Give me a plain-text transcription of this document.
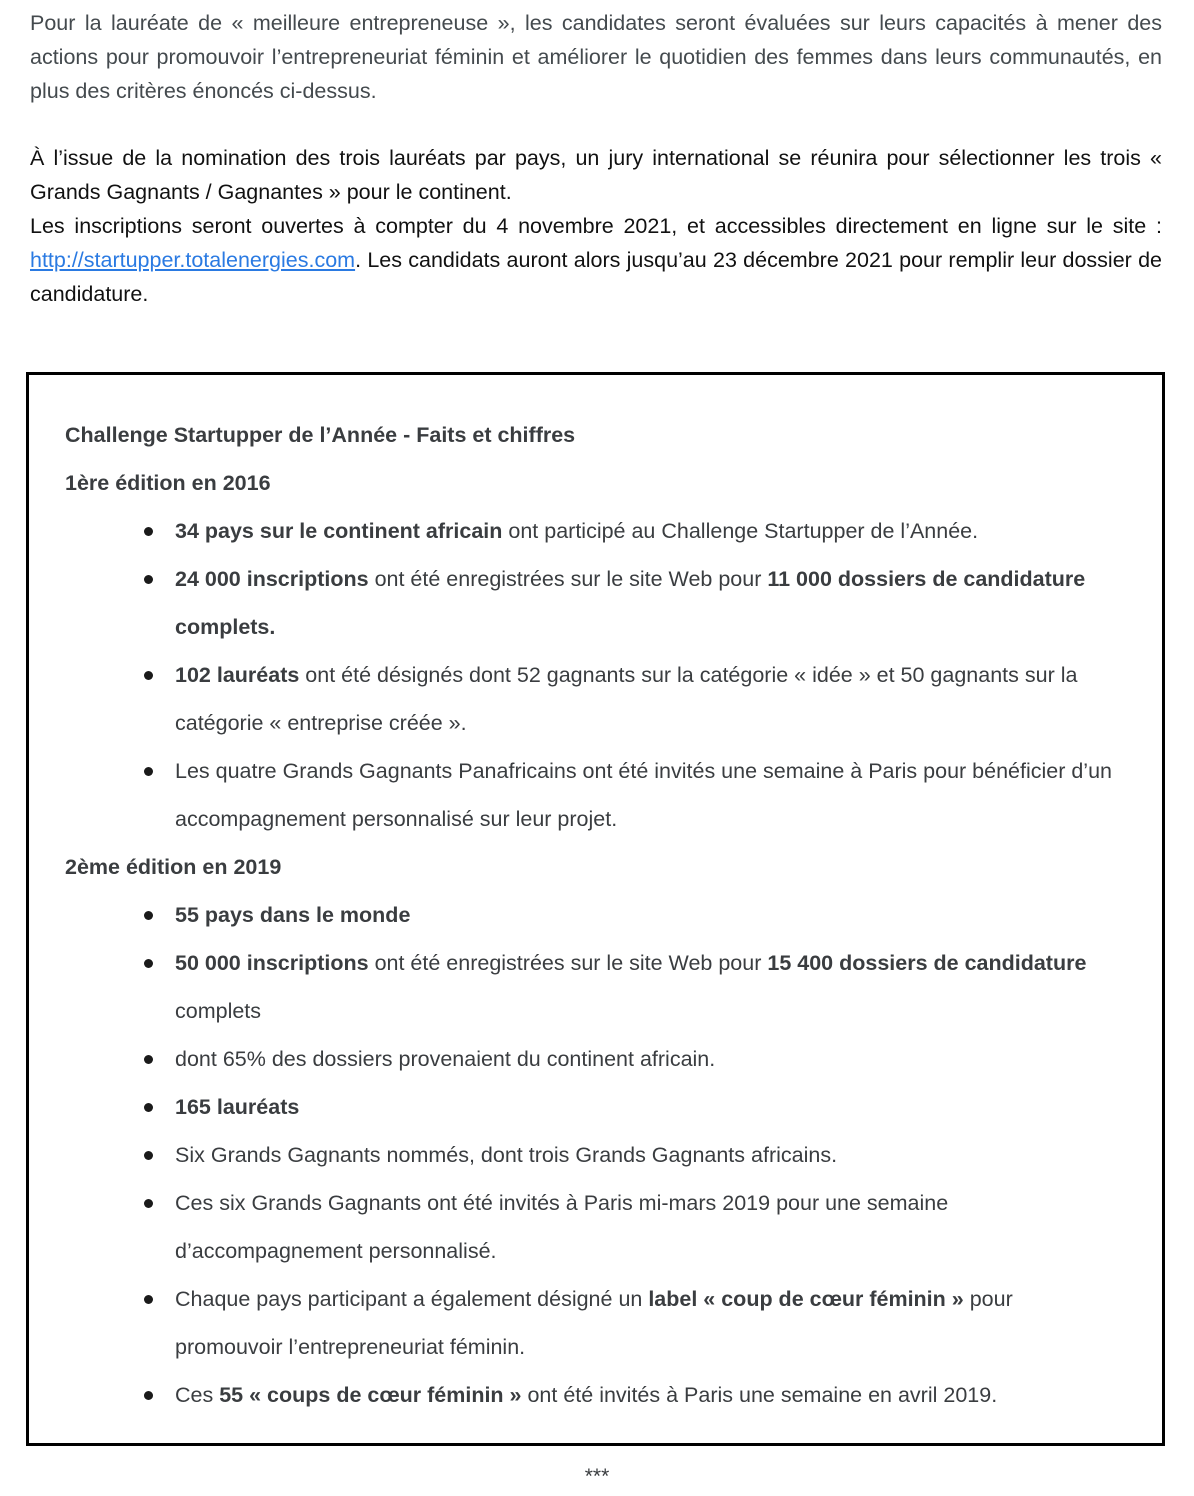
Pour la lauréate de « meilleure entrepreneuse », les candidates seront évaluées sur leurs capacités à mener des actions pour promouvoir l’entrepreneuriat féminin et améliorer le quotidien des femmes dans leurs communautés, en plus des critères énoncés ci-dessus.

À l’issue de la nomination des trois lauréats par pays, un jury international se réunira pour sélectionner les trois « Grands Gagnants / Gagnantes » pour le continent.

Les inscriptions seront ouvertes à compter du 4 novembre 2021, et accessibles directement en ligne sur le site : http://startupper.totalenergies.com. Les candidats auront alors jusqu’au 23 décembre 2021 pour remplir leur dossier de candidature.

Challenge Startupper de l’Année - Faits et chiffres

1ère édition en 2016

34 pays sur le continent africain ont participé au Challenge Startupper de l’Année.
24 000 inscriptions ont été enregistrées sur le site Web pour 11 000 dossiers de candidature complets.
102 lauréats ont été désignés dont 52 gagnants sur la catégorie « idée » et 50 gagnants sur la catégorie « entreprise créée ».
Les quatre Grands Gagnants Panafricains ont été invités une semaine à Paris pour bénéficier d’un accompagnement personnalisé sur leur projet.

2ème édition en 2019

55 pays dans le monde
50 000 inscriptions ont été enregistrées sur le site Web pour 15 400 dossiers de candidature complets
dont 65% des dossiers provenaient du continent africain.
165 lauréats
Six Grands Gagnants nommés, dont trois Grands Gagnants africains.
Ces six Grands Gagnants ont été invités à Paris mi-mars 2019 pour une semaine d’accompagnement personnalisé.
Chaque pays participant a également désigné un label « coup de cœur féminin » pour promouvoir l’entrepreneuriat féminin.
Ces 55 « coups de cœur féminin » ont été invités à Paris une semaine en avril 2019.
***
